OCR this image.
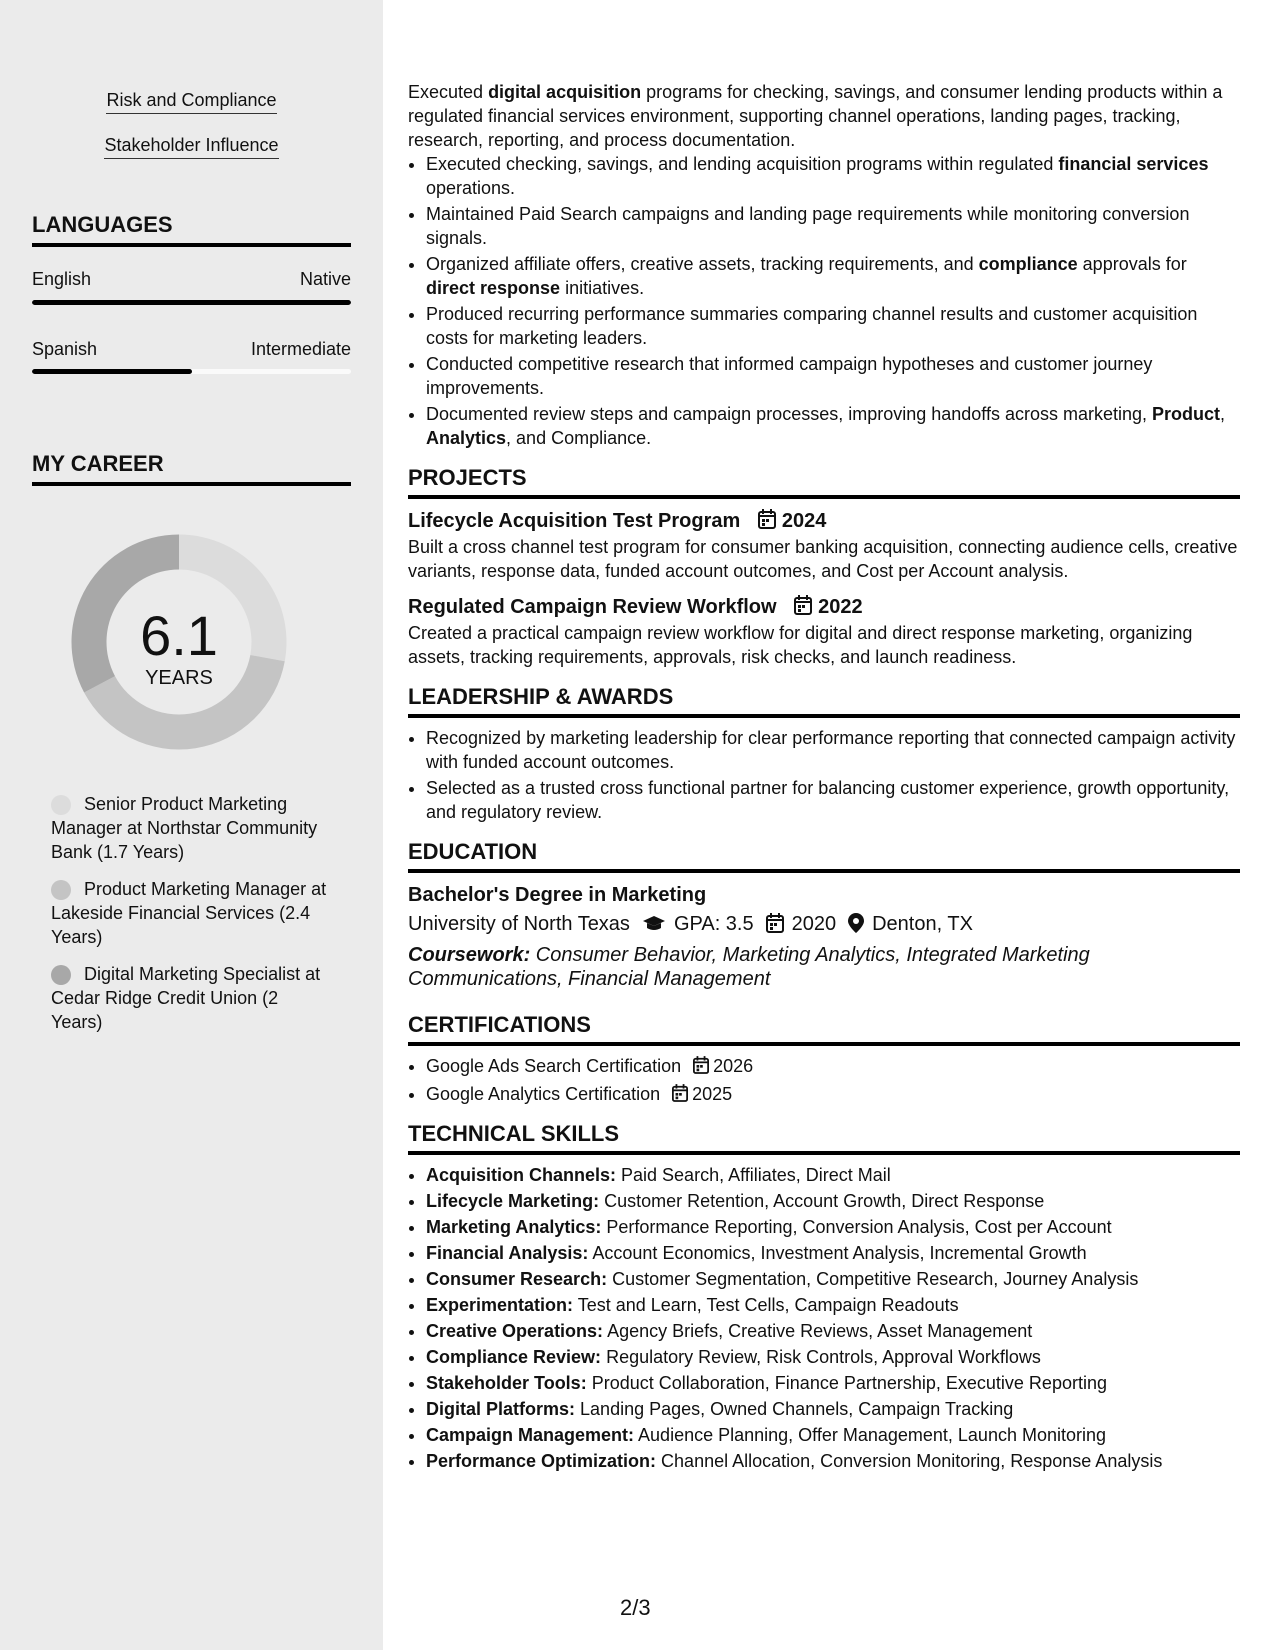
Risk and Compliance
Stakeholder Influence
LANGUAGES
English	Native
Spanish	Intermediate
MY CAREER
6.1
YEARS
Senior Product Marketing Manager at Northstar Community Bank (1.7 Years)
Product Marketing Manager at Lakeside Financial Services (2.4 Years)
Digital Marketing Specialist at Cedar Ridge Credit Union (2 Years)

Executed digital acquisition programs for checking, savings, and consumer lending products within a regulated financial services environment, supporting channel operations, landing pages, tracking, research, reporting, and process documentation.

• Executed checking, savings, and lending acquisition programs within regulated financial services operations.
• Maintained Paid Search campaigns and landing page requirements while monitoring conversion signals.
• Organized affiliate offers, creative assets, tracking requirements, and compliance approvals for direct response initiatives.
• Produced recurring performance summaries comparing channel results and customer acquisition costs for marketing leaders.
• Conducted competitive research that informed campaign hypotheses and customer journey improvements.
• Documented review steps and campaign processes, improving handoffs across marketing, Product, Analytics, and Compliance.
PROJECTS
Lifecycle Acquisition Test Program 2024

Built a cross channel test program for consumer banking acquisition, connecting audience cells, creative variants, response data, funded account outcomes, and Cost per Account analysis.

Regulated Campaign Review Workflow 2022

Created a practical campaign review workflow for digital and direct response marketing, organizing assets, tracking requirements, approvals, risk checks, and launch readiness.

LEADERSHIP & AWARDS
• Recognized by marketing leadership for clear performance reporting that connected campaign activity with funded account outcomes.
• Selected as a trusted cross functional partner for balancing customer experience, growth opportunity, and regulatory review.
EDUCATION
Bachelor's Degree in Marketing
University of North Texas GPA: 3.5 2020 Denton, TX
Coursework: Consumer Behavior, Marketing Analytics, Integrated Marketing Communications, Financial Management
CERTIFICATIONS
• Google Ads Search Certification 2026
• Google Analytics Certification 2025
TECHNICAL SKILLS
• Acquisition Channels: Paid Search, Affiliates, Direct Mail
• Lifecycle Marketing: Customer Retention, Account Growth, Direct Response
• Marketing Analytics: Performance Reporting, Conversion Analysis, Cost per Account
• Financial Analysis: Account Economics, Investment Analysis, Incremental Growth
• Consumer Research: Customer Segmentation, Competitive Research, Journey Analysis
• Experimentation: Test and Learn, Test Cells, Campaign Readouts
• Creative Operations: Agency Briefs, Creative Reviews, Asset Management
• Compliance Review: Regulatory Review, Risk Controls, Approval Workflows
• Stakeholder Tools: Product Collaboration, Finance Partnership, Executive Reporting
• Digital Platforms: Landing Pages, Owned Channels, Campaign Tracking
• Campaign Management: Audience Planning, Offer Management, Launch Monitoring
• Performance Optimization: Channel Allocation, Conversion Monitoring, Response Analysis
2/3
